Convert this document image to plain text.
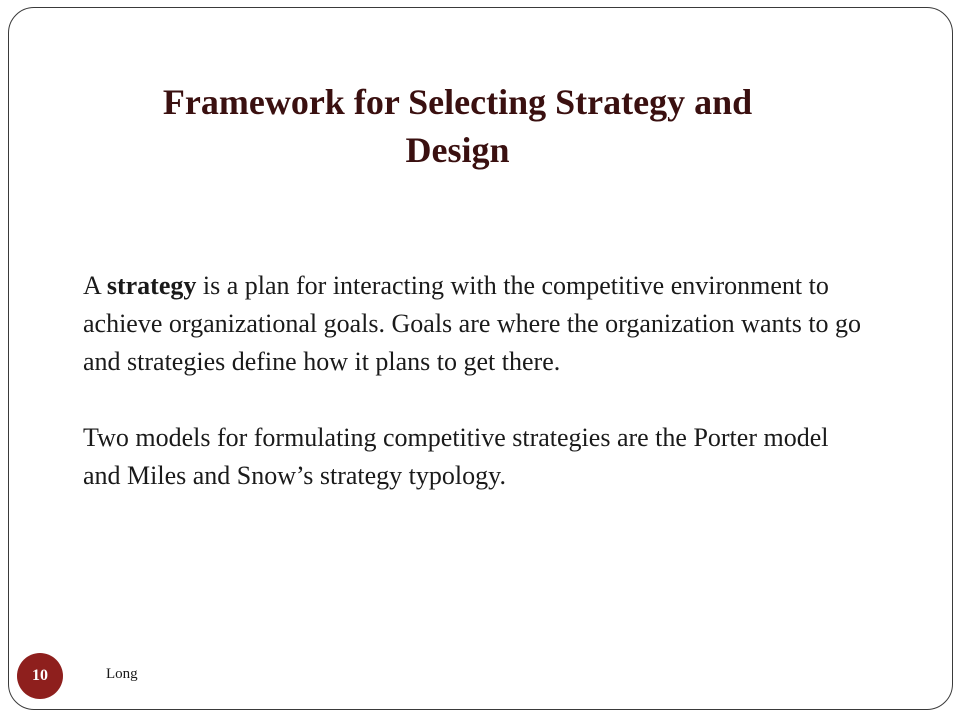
Framework for Selecting Strategy and
Design

A strategy is a plan for interacting with the competitive environment to achieve organizational goals. Goals are where the organization wants to go and strategies define how it plans to get there.

Two models for formulating competitive strategies are the Porter model and Miles and Snow’s strategy typology.

10	Long
